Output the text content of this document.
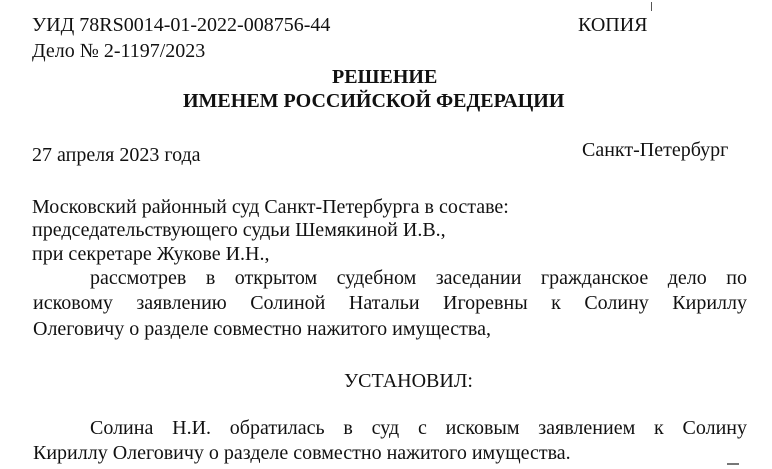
УИД 78RS0014-01-2022-008756-44
Дело № 2-1197/2023
КОПИЯ
РЕШЕНИЕ
ИМЕНЕМ РОССИЙСКОЙ ФЕДЕРАЦИИ
27 апреля 2023 года	Санкт-Петербург
Московский районный суд Санкт-Петербурга в составе:
председательствующего судьи Шемякиной И.В.,
при секретаре Жукове И.Н.,
рассмотрев в открытом судебном заседании гражданское дело по
исковому заявлению Солиной Натальи Игоревны к Солину Кириллу
Олеговичу о разделе совместно нажитого имущества,
УСТАНОВИЛ:
Солина Н.И. обратилась в суд с исковым заявлением к Солину
Кириллу Олеговичу о разделе совместно нажитого имущества.
